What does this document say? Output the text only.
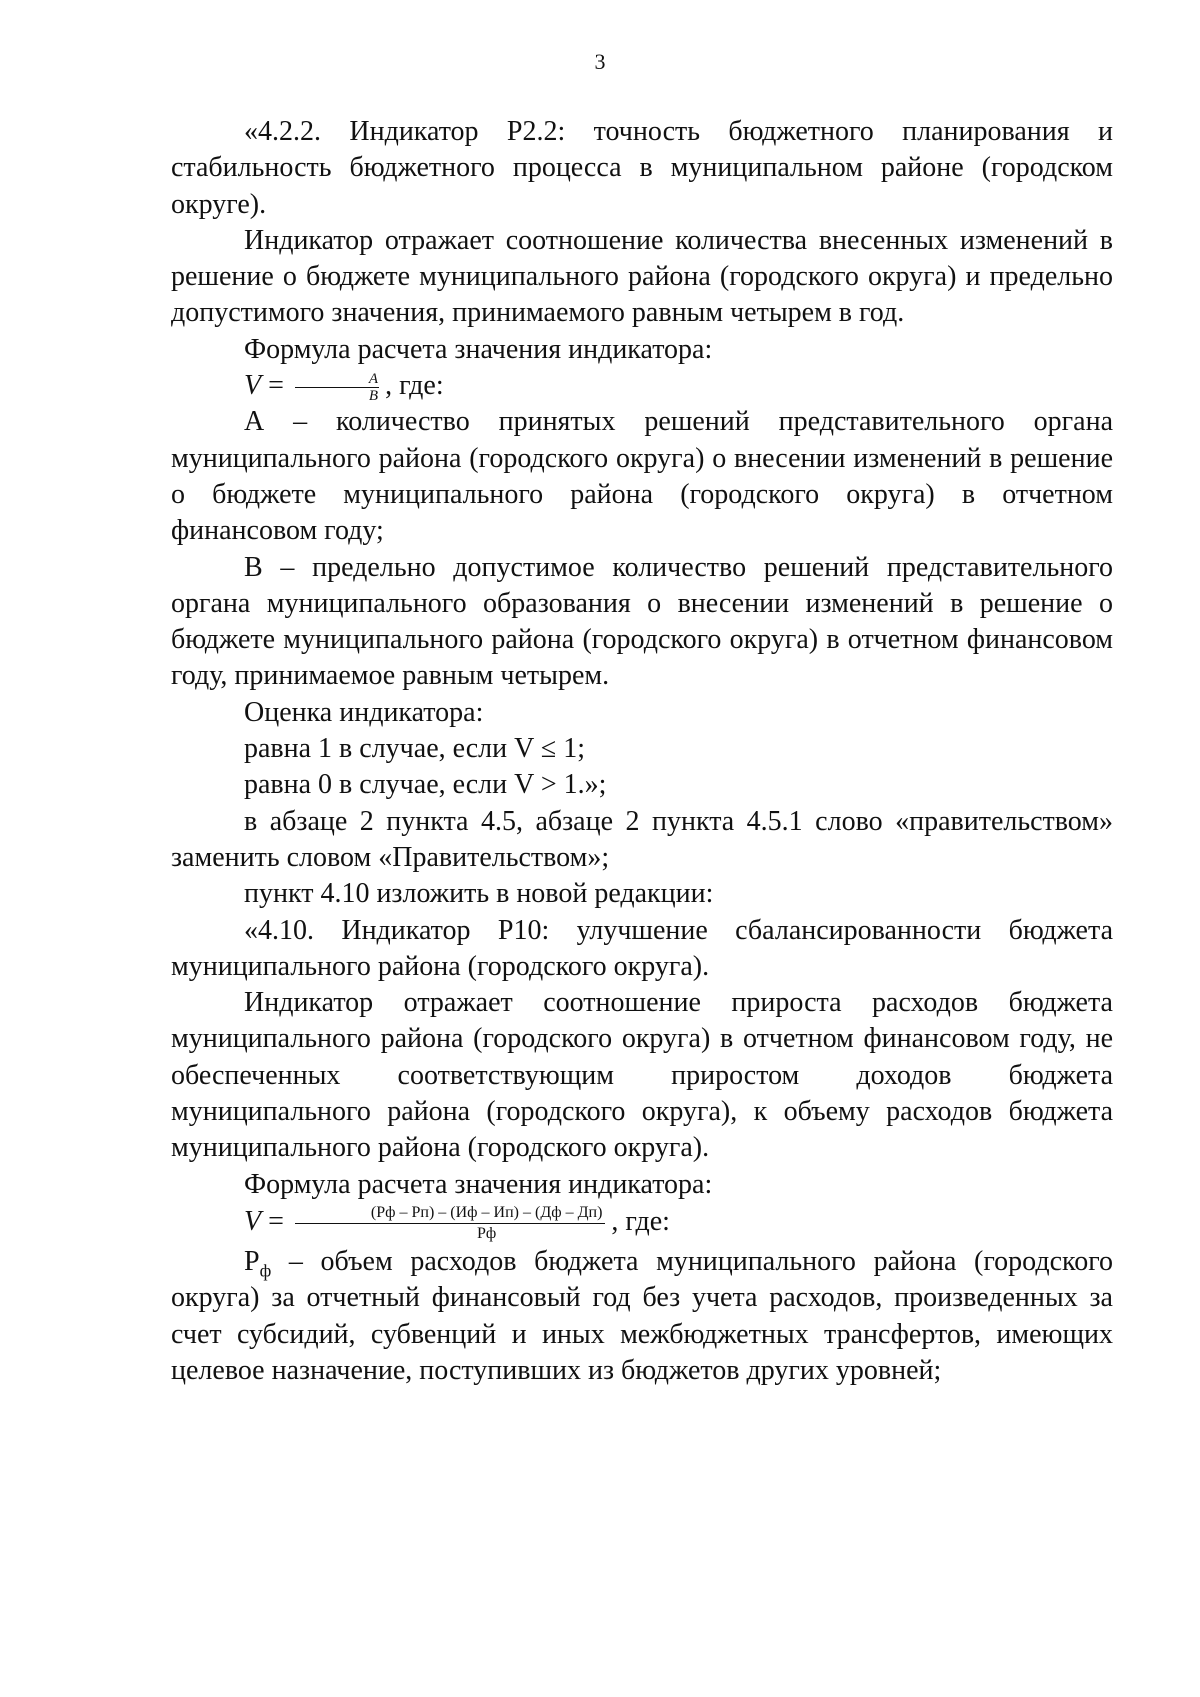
3

«4.2.2. Индикатор Р2.2: точность бюджетного планирования и стабильность бюджетного процесса в муниципальном районе (городском округе).

Индикатор отражает соотношение количества внесенных изменений в решение о бюджете муниципального района (городского округа) и предельно допустимого значения, принимаемого равным четырем в год.

Формула расчета значения индикатора:

$V = \frac{A}{B}$ , где:

А – количество принятых решений представительного органа муниципального района (городского округа) о внесении изменений в решение о бюджете муниципального района (городского округа) в отчетном финансовом году;

В – предельно допустимое количество решений представительного органа муниципального образования о внесении изменений в решение о бюджете муниципального района (городского округа) в отчетном финансовом году, принимаемое равным четырем.

Оценка индикатора:

равна 1 в случае, если V ≤ 1;

равна 0 в случае, если V > 1.»;

в абзаце 2 пункта 4.5, абзаце 2 пункта 4.5.1 слово «правительством» заменить словом «Правительством»;

пункт 4.10 изложить в новой редакции:

«4.10. Индикатор Р10: улучшение сбалансированности бюджета муниципального района (городского округа).

Индикатор отражает соотношение прироста расходов бюджета муниципального района (городского округа) в отчетном финансовом году, не обеспеченных соответствующим приростом доходов бюджета муниципального района (городского округа), к объему расходов бюджета муниципального района (городского округа).

Формула расчета значения индикатора:

$V = \frac{(Рф - Рп) - (Иф - Ип) - (Дф - Дп)}{Рф}$ , где:

$Р_ф$ – объем расходов бюджета муниципального района (городского округа) за отчетный финансовый год без учета расходов, произведенных за счет субсидий, субвенций и иных межбюджетных трансфертов, имеющих целевое назначение, поступивших из бюджетов других уровней;
